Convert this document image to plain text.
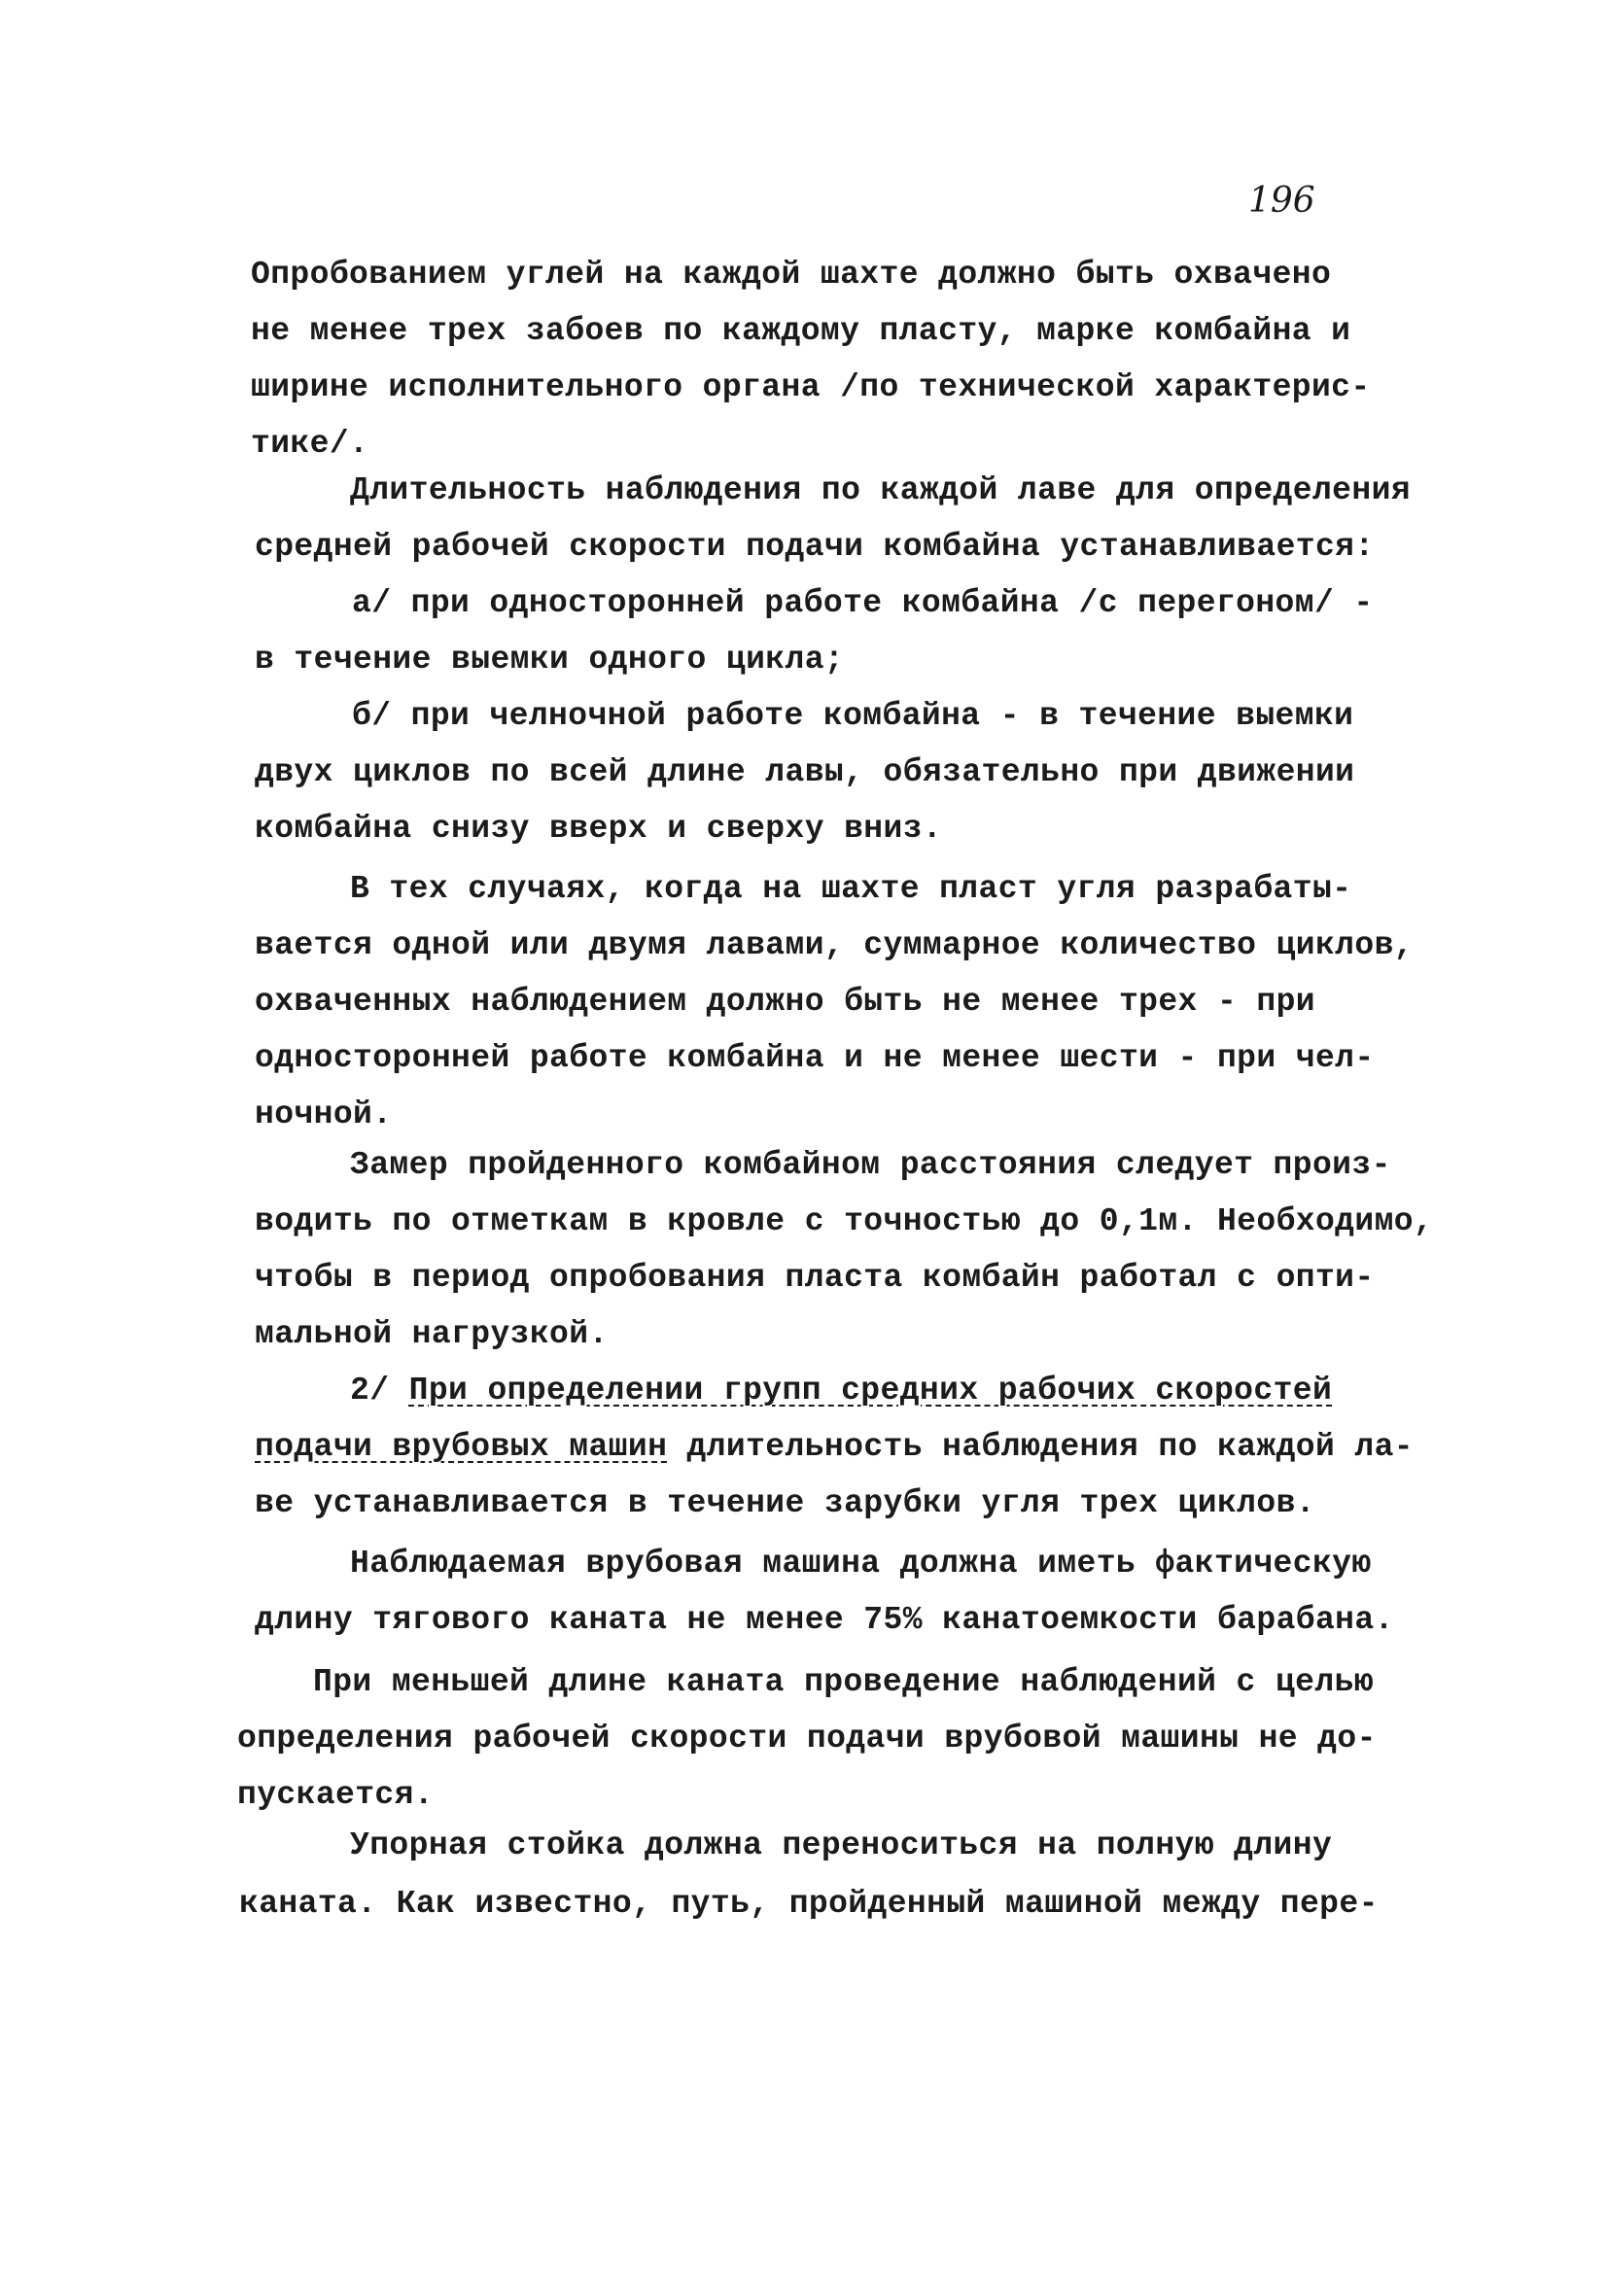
196
Опробованием углей на каждой шахте должно быть охвачено
не менее трех забоев по каждому пласту, марке комбайна и
ширине исполнительного органа /по технической характерис-
тике/.
Длительность наблюдения по каждой лаве для определения
средней рабочей скорости подачи комбайна устанавливается:
а/ при односторонней работе комбайна /с перегоном/ -
в течение выемки одного цикла;
б/ при челночной работе комбайна - в течение выемки
двух циклов по всей длине лавы, обязательно при движении
комбайна снизу вверх и сверху вниз.
В тех случаях, когда на шахте пласт угля разрабаты-
вается одной или двумя лавами, суммарное количество циклов,
охваченных наблюдением должно быть не менее трех - при
односторонней работе комбайна и не менее шести - при чел-
ночной.
Замер пройденного комбайном расстояния следует произ-
водить по отметкам в кровле с точностью до 0,1м. Необходимо,
чтобы в период опробования пласта комбайн работал с опти-
мальной нагрузкой.
2/ При определении групп средних рабочих скоростей
подачи врубовых машин длительность наблюдения по каждой ла-
ве устанавливается в течение зарубки угля трех циклов.
Наблюдаемая врубовая машина должна иметь фактическую
длину тягового каната не менее 75% канатоемкости барабана.
При меньшей длине каната проведение наблюдений с целью
определения рабочей скорости подачи врубовой машины не до-
пускается.
Упорная стойка должна переноситься на полную длину
каната. Как известно, путь, пройденный машиной между пере-
